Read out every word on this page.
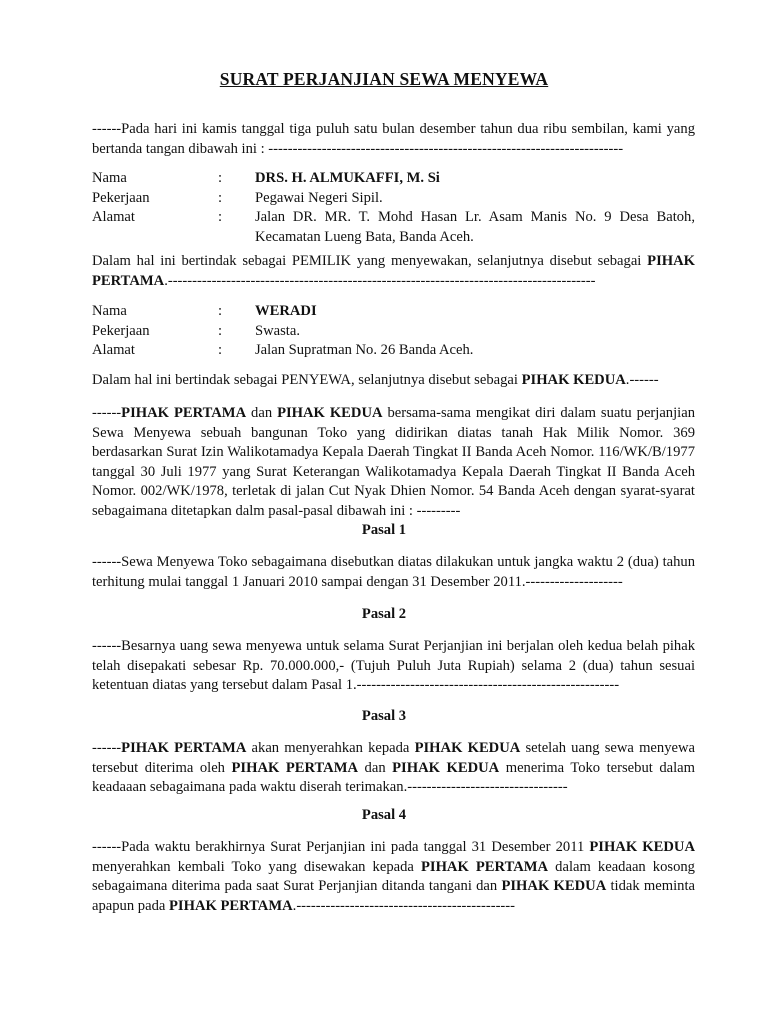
SURAT PERJANJIAN SEWA MENYEWA
------Pada hari ini kamis tanggal tiga puluh satu bulan desember tahun dua ribu sembilan, kami yang bertanda tangan dibawah ini : -------------------------------------------------------------------------
Nama	:	DRS. H. ALMUKAFFI, M. Si
Pekerjaan	:	Pegawai Negeri Sipil.
Alamat	:	Jalan DR. MR. T. Mohd Hasan Lr. Asam Manis No. 9 Desa Batoh, Kecamatan Lueng Bata, Banda Aceh.
Dalam hal ini bertindak sebagai PEMILIK yang menyewakan, selanjutnya disebut sebagai PIHAK PERTAMA.----------------------------------------------------------------------------------------
Nama	:	WERADI
Pekerjaan	:	Swasta.
Alamat	:	Jalan Supratman No. 26 Banda Aceh.
Dalam hal ini bertindak sebagai PENYEWA, selanjutnya disebut sebagai PIHAK KEDUA.------
------PIHAK PERTAMA dan PIHAK KEDUA bersama-sama mengikat diri dalam suatu perjanjian Sewa Menyewa sebuah bangunan Toko yang didirikan diatas tanah Hak Milik Nomor. 369 berdasarkan Surat Izin Walikotamadya Kepala Daerah Tingkat II Banda Aceh Nomor. 116/WK/B/1977 tanggal 30 Juli 1977 yang Surat Keterangan Walikotamadya Kepala Daerah Tingkat II Banda Aceh Nomor. 002/WK/1978, terletak di jalan Cut Nyak Dhien Nomor. 54 Banda Aceh dengan syarat-syarat sebagaimana ditetapkan dalm pasal-pasal dibawah ini : ---------
Pasal 1
------Sewa Menyewa Toko sebagaimana disebutkan diatas dilakukan untuk jangka waktu 2 (dua) tahun terhitung mulai tanggal 1 Januari 2010 sampai dengan 31 Desember 2011.--------------------
Pasal 2
------Besarnya uang sewa menyewa untuk selama Surat Perjanjian ini berjalan oleh kedua belah pihak telah disepakati sebesar Rp. 70.000.000,- (Tujuh Puluh Juta Rupiah) selama 2 (dua) tahun sesuai ketentuan diatas yang tersebut dalam Pasal 1.------------------------------------------------------
Pasal 3
------PIHAK PERTAMA akan menyerahkan kepada PIHAK KEDUA setelah uang sewa menyewa tersebut diterima oleh PIHAK PERTAMA dan PIHAK KEDUA menerima Toko tersebut dalam keadaaan sebagaimana pada waktu diserah terimakan.---------------------------------
Pasal 4
------Pada waktu berakhirnya Surat Perjanjian ini pada tanggal 31 Desember 2011 PIHAK KEDUA menyerahkan kembali Toko yang disewakan kepada PIHAK PERTAMA dalam keadaan kosong sebagaimana diterima pada saat Surat Perjanjian ditanda tangani dan PIHAK KEDUA tidak meminta apapun pada PIHAK PERTAMA.---------------------------------------------
